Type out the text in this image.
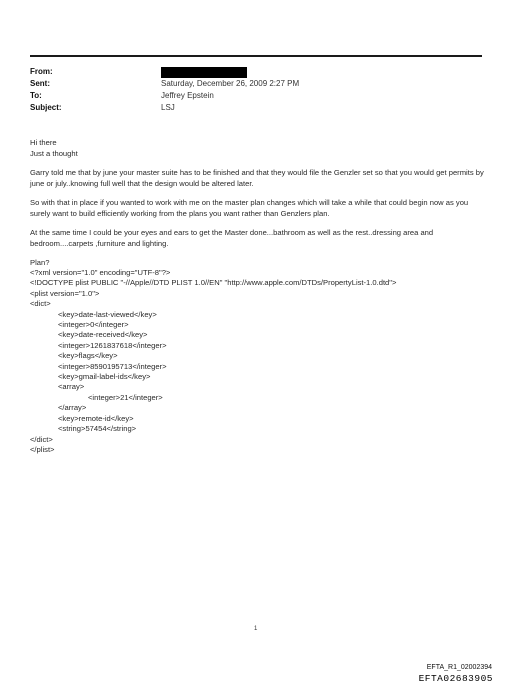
From:
Sent:	Saturday, December 26, 2009 2:27 PM
To:	Jeffrey Epstein
Subject:	LSJ

Hi there

Just a thought

Garry told me that by june your master suite has to be finished and that they would file the Genzler set so that you would get permits by june or july..knowing full well that the design would be altered later.

So with that in place if you wanted to work with me on the master plan changes which will take a while that could begin now as you surely want to build efficiently working from the plans you want rather than Genzlers plan.

At the same time I could be your eyes and ears to get the Master done...bathroom as well as the rest..dressing area and bedroom....carpets ,furniture and lighting.

Plan?

<?xml version="1.0" encoding="UTF-8"?>
<!DOCTYPE plist PUBLIC "-//Apple//DTD PLIST 1.0//EN" "http://www.apple.com/DTDs/PropertyList-1.0.dtd">
<plist version="1.0">
<dict>
<key>date-last-viewed</key>
<integer>0</integer>
<key>date-received</key>
<integer>1261837618</integer>
<key>flags</key>
<integer>8590195713</integer>
<key>gmail-label-ids</key>
<array>
<integer>21</integer>
</array>
<key>remote-id</key>
<string>57454</string>
</dict>
</plist>
1
EFTA_R1_02002394
EFTA02683905
